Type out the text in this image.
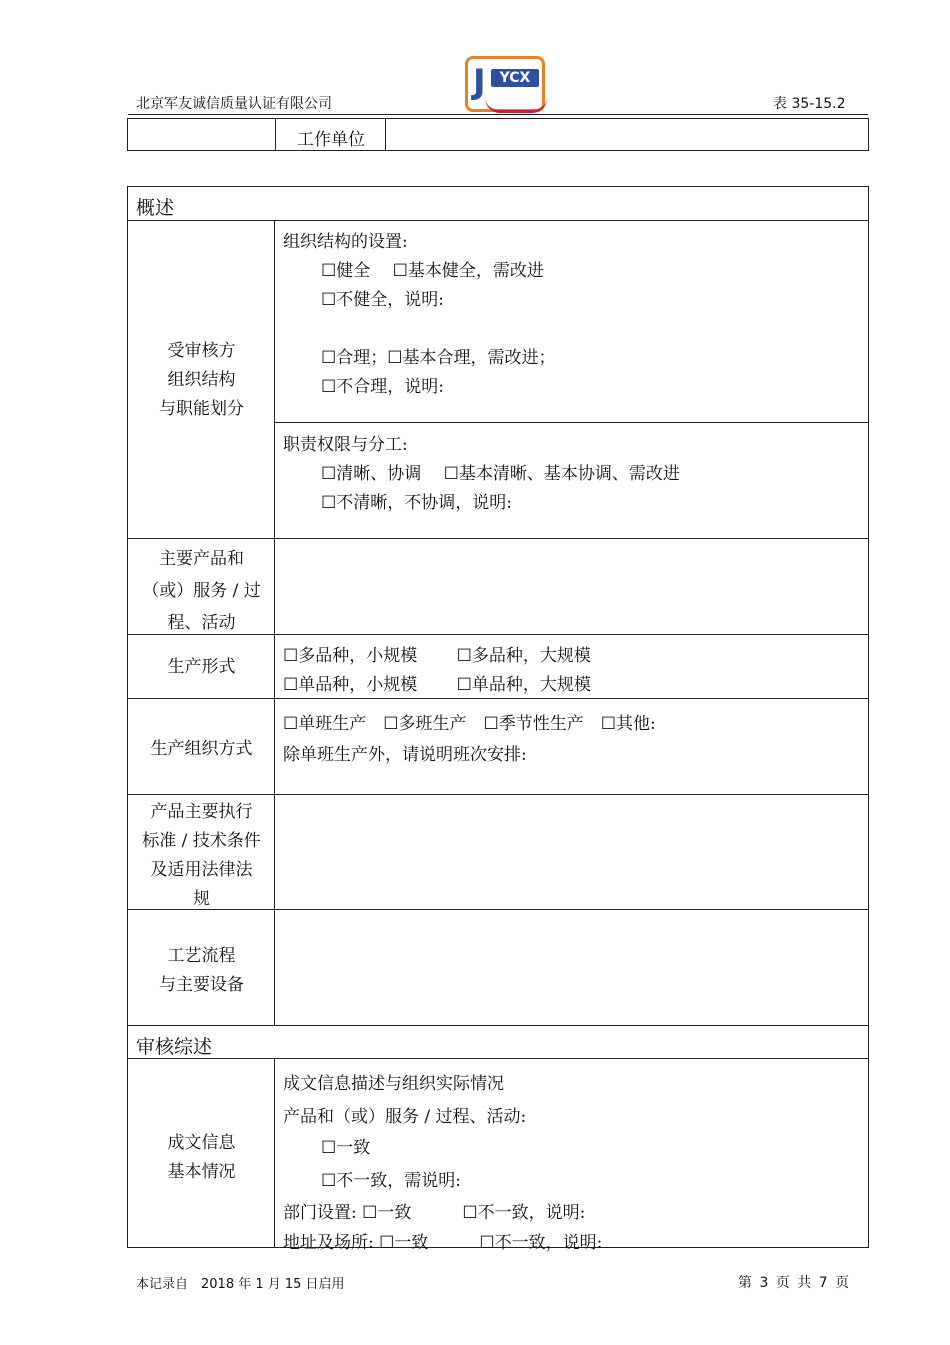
北京军友诚信质量认证有限公司
J YCX
表 35-15.2
工作单位
概述
受审核方
组织结构
与职能划分
组织结构的设置:
☐健全　 ☐基本健全，需改进
☐不健全，说明:
☐合理；☐基本合理，需改进；
☐不合理，说明:
职责权限与分工:
☐清晰、协调　 ☐基本清晰、基本协调、需改进
☐不清晰，不协调，说明:
主要产品和
（或）服务 / 过
程、活动
生产形式
☐多品种，小规模　　 ☐多品种，大规模
☐单品种，小规模　　 ☐单品种，大规模
生产组织方式
☐单班生产　☐多班生产　☐季节性生产　☐其他:
除单班生产外，请说明班次安排:
产品主要执行
标准 / 技术条件
及适用法律法
规
工艺流程
与主要设备
审核综述
成文信息
基本情况
成文信息描述与组织实际情况
产品和（或）服务 / 过程、活动:
☐一致
☐不一致，需说明:
部门设置: ☐一致　　　☐不一致，说明:
地址及场所: ☐一致　　　☐不一致，说明:
本记录自　2018 年 1 月 15 日启用	第 3 页 共 7 页
